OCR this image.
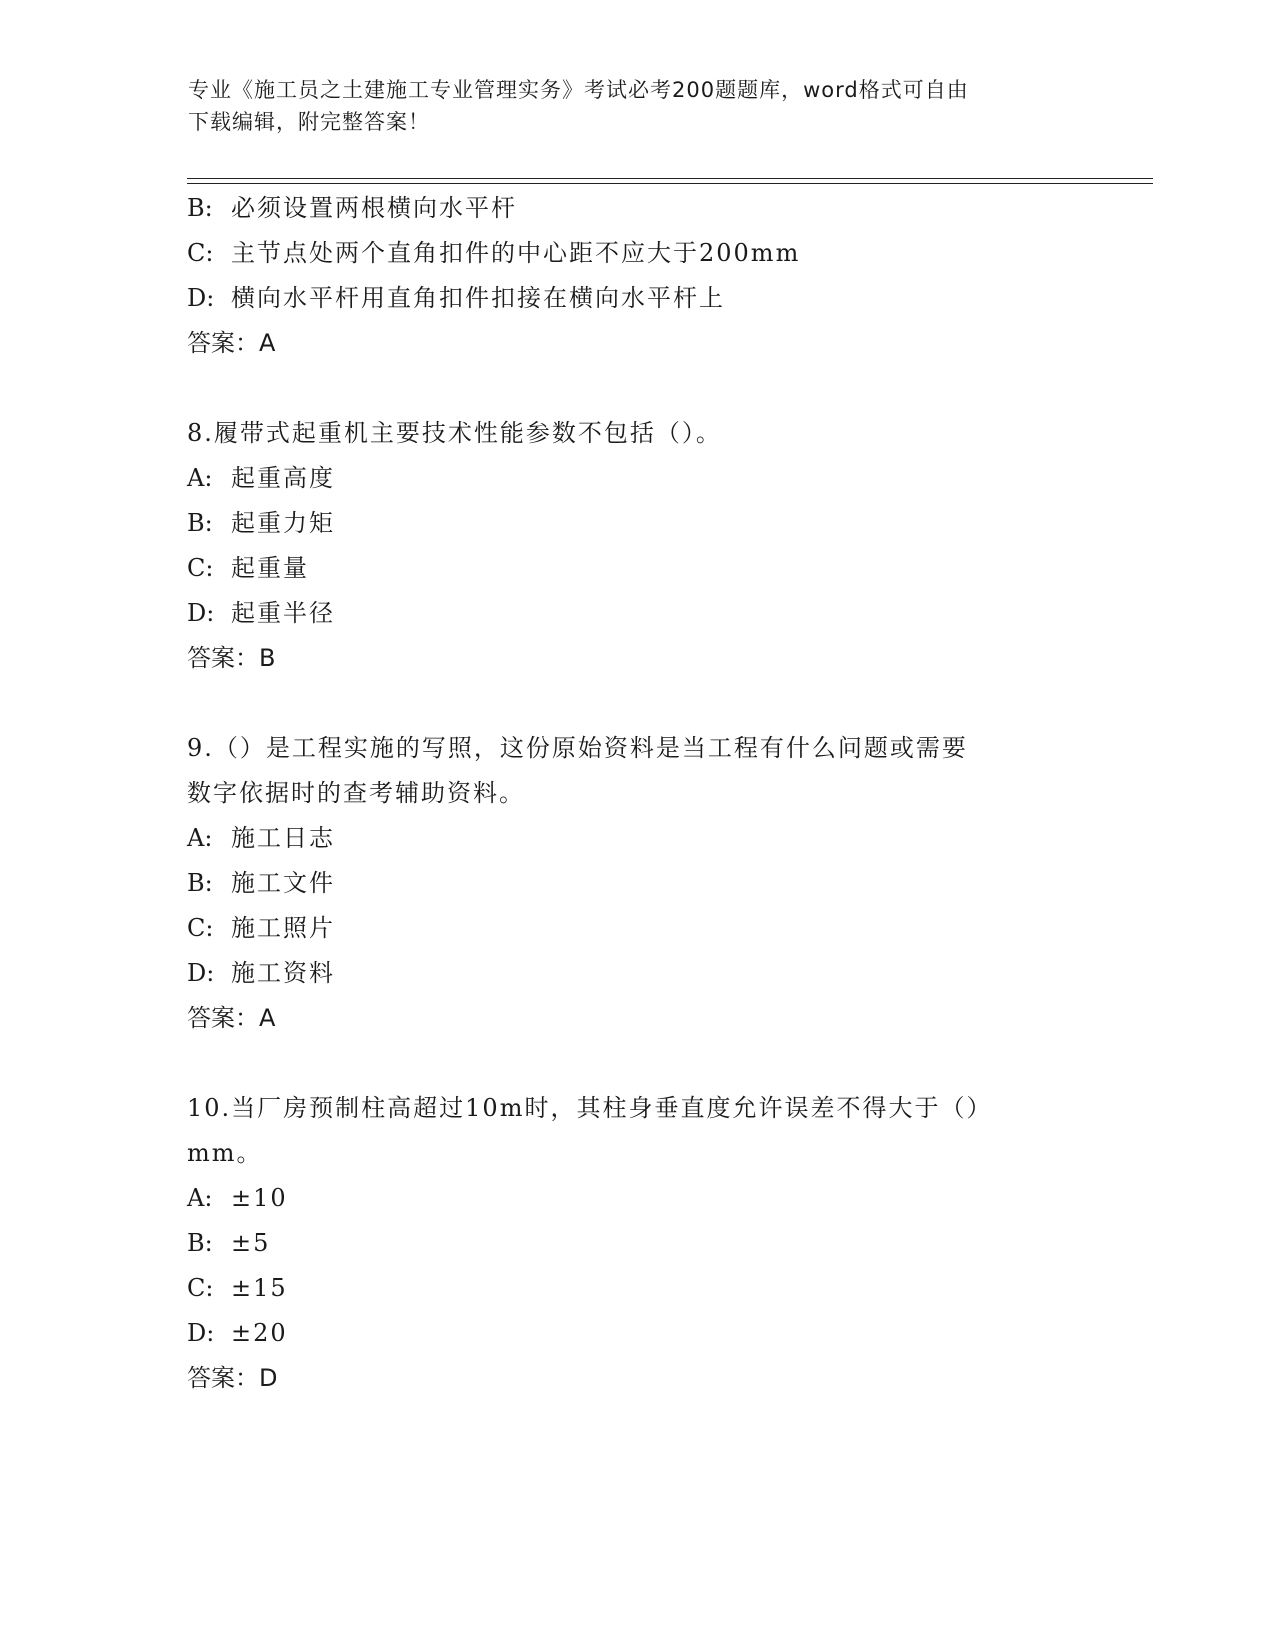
专业《施工员之土建施工专业管理实务》考试必考200题题库，word格式可自由
下载编辑，附完整答案！
B: 必须设置两根横向水平杆
C: 主节点处两个直角扣件的中心距不应大于200mm
D: 横向水平杆用直角扣件扣接在横向水平杆上
答案：A
8.履带式起重机主要技术性能参数不包括（）。
A: 起重高度
B: 起重力矩
C: 起重量
D: 起重半径
答案：B
9.（）是工程实施的写照，这份原始资料是当工程有什么问题或需要
数字依据时的查考辅助资料。
A: 施工日志
B: 施工文件
C: 施工照片
D: 施工资料
答案：A
10.当厂房预制柱高超过10m时，其柱身垂直度允许误差不得大于（）
mm。
A: ±10
B: ±5
C: ±15
D: ±20
答案：D
